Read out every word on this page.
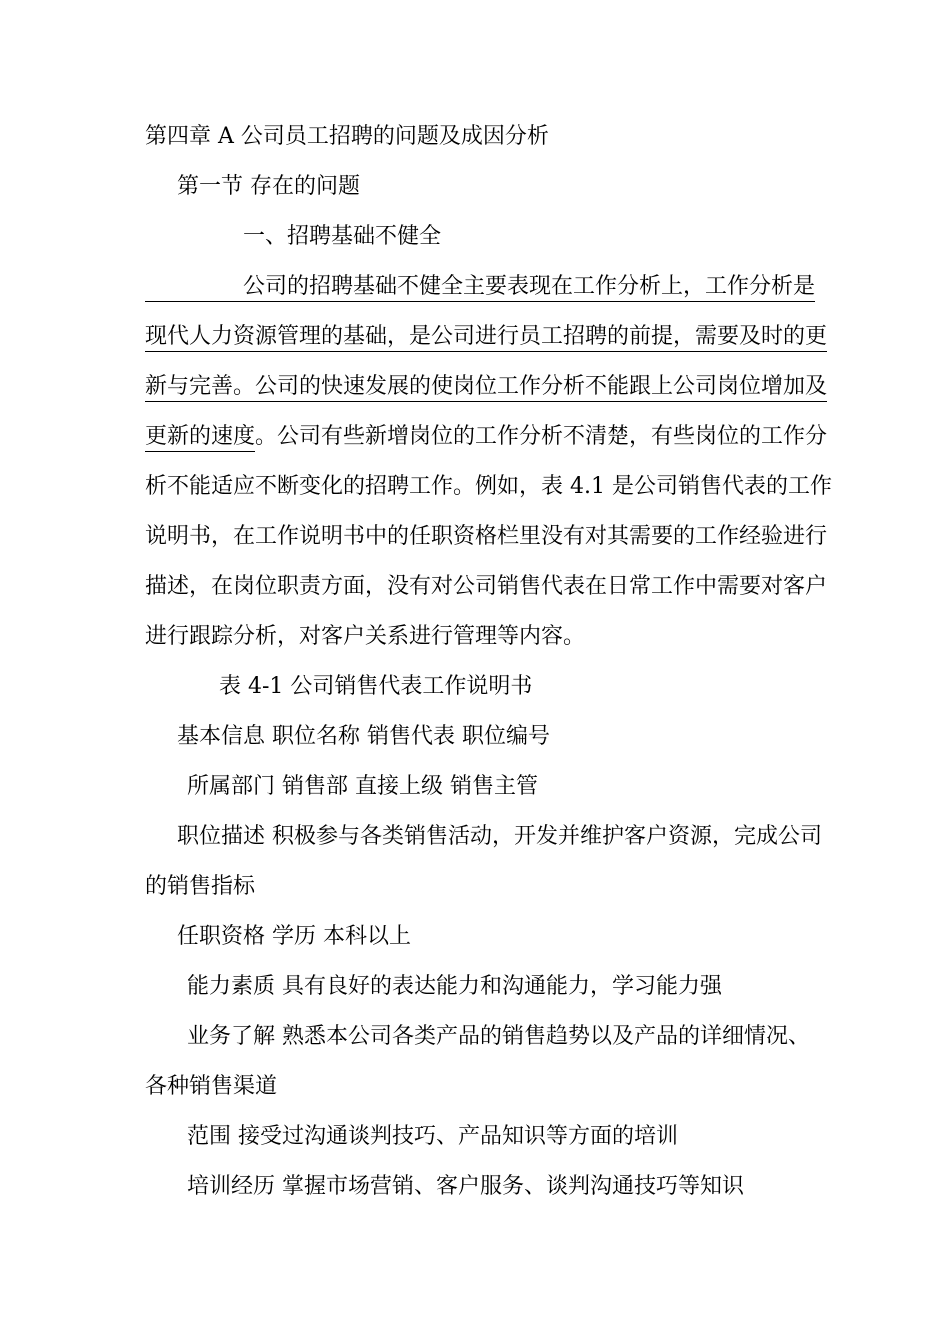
第四章 A 公司员工招聘的问题及成因分析
第一节 存在的问题
一、招聘基础不健全
公司的招聘基础不健全主要表现在工作分析上，工作分析是
现代人力资源管理的基础，是公司进行员工招聘的前提，需要及时的更
新与完善。公司的快速发展的使岗位工作分析不能跟上公司岗位增加及
更新的速度。公司有些新增岗位的工作分析不清楚，有些岗位的工作分
析不能适应不断变化的招聘工作。例如，表 4.1 是公司销售代表的工作
说明书，在工作说明书中的任职资格栏里没有对其需要的工作经验进行
描述，在岗位职责方面，没有对公司销售代表在日常工作中需要对客户
进行跟踪分析，对客户关系进行管理等内容。
表 4-1 公司销售代表工作说明书
基本信息 职位名称 销售代表 职位编号
所属部门 销售部 直接上级 销售主管
职位描述 积极参与各类销售活动，开发并维护客户资源，完成公司
的销售指标
任职资格 学历 本科以上
能力素质 具有良好的表达能力和沟通能力，学习能力强
业务了解 熟悉本公司各类产品的销售趋势以及产品的详细情况、
各种销售渠道
范围 接受过沟通谈判技巧、产品知识等方面的培训
培训经历 掌握市场营销、客户服务、谈判沟通技巧等知识
